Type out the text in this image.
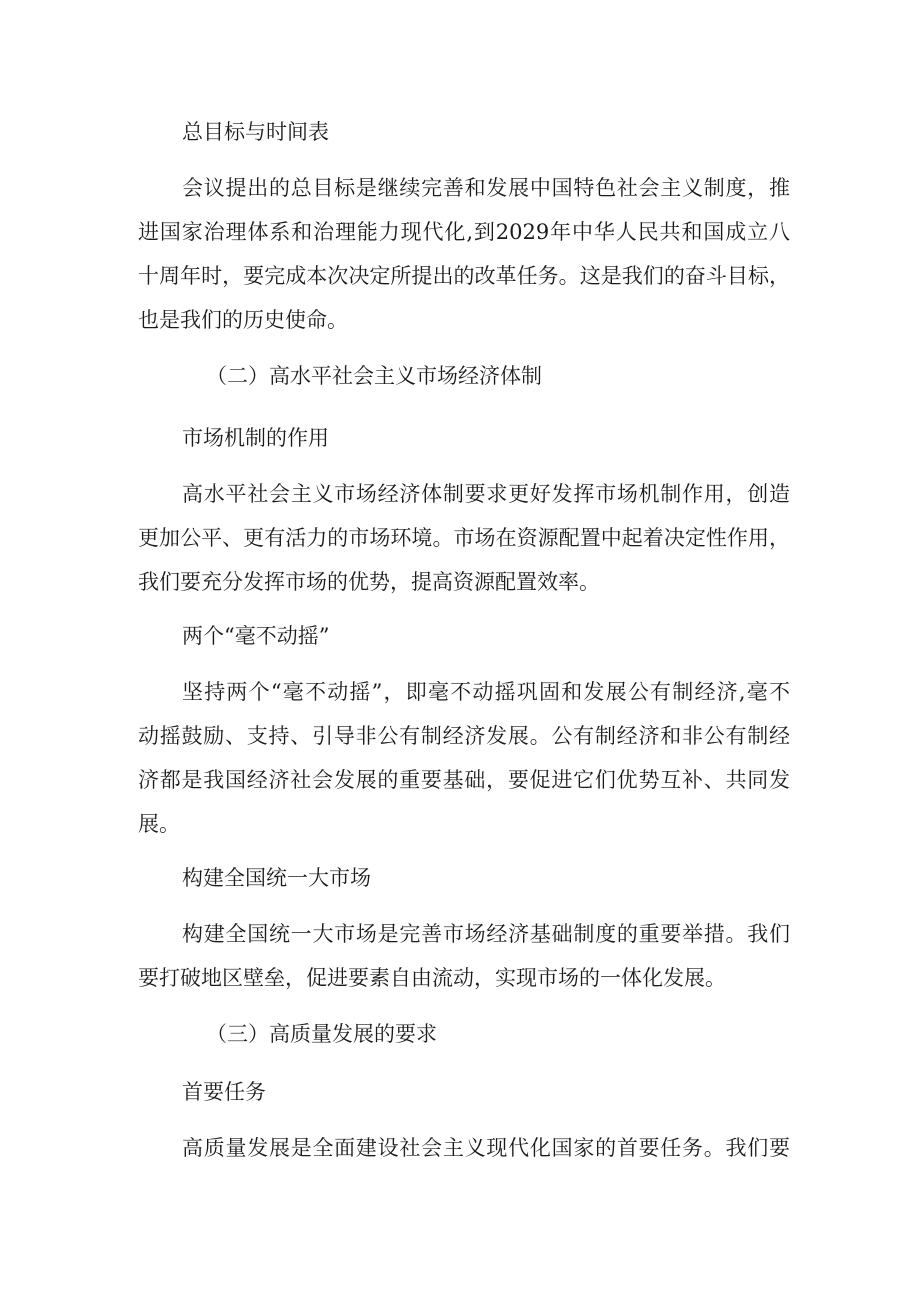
总目标与时间表

会议提出的总目标是继续完善和发展中国特色社会主义制度，推

进国家治理体系和治理能力现代化,到2029年中华人民共和国成立八

十周年时，要完成本次决定所提出的改革任务。这是我们的奋斗目标，

也是我们的历史使命。

（二）高水平社会主义市场经济体制

市场机制的作用

高水平社会主义市场经济体制要求更好发挥市场机制作用，创造

更加公平、更有活力的市场环境。市场在资源配置中起着决定性作用，

我们要充分发挥市场的优势，提高资源配置效率。

两个“毫不动摇”

坚持两个“毫不动摇”，即毫不动摇巩固和发展公有制经济,毫不

动摇鼓励、支持、引导非公有制经济发展。公有制经济和非公有制经

济都是我国经济社会发展的重要基础，要促进它们优势互补、共同发

展。

构建全国统一大市场

构建全国统一大市场是完善市场经济基础制度的重要举措。我们

要打破地区壁垒，促进要素自由流动，实现市场的一体化发展。

（三）高质量发展的要求

首要任务

高质量发展是全面建设社会主义现代化国家的首要任务。我们要
